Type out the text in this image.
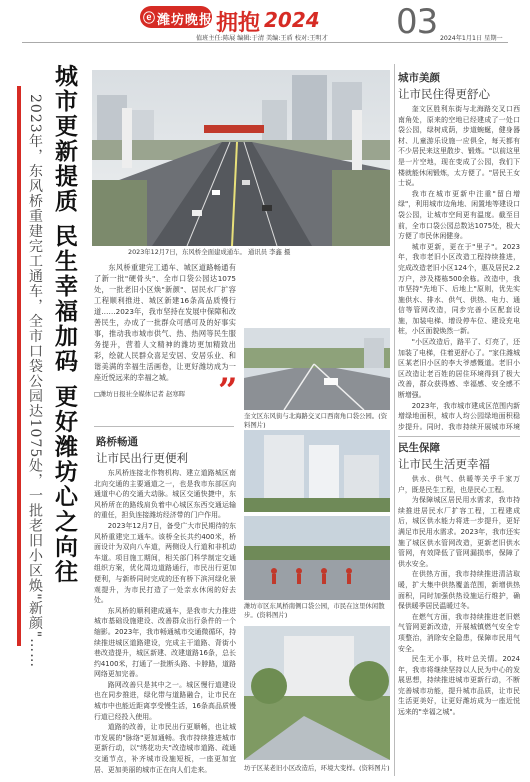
ⓔ 潍坊晚报 拥抱 2024 03
值班主任:陈展 编辑:于清 美编:王盾 校对:王明才	2024年1月1日 星期一
城市更新提质 民生幸福加码 更好潍坊心之向往
2023年，东风桥重建完工通车，全市口袋公园达1075处，一批老旧小区焕"新颜"……	2023年12月7日，东风桥全面建成通车。 通讯员 李鑫 摄

东风桥重建完工通车、城区道路畅通有了新一批"硬骨头"、全市口袋公园达1075处，一批老旧小区焕"新颜"、居民水厂扩容工程顺利推进、城区新建16条高品质慢行道……2023年，我市坚持在发展中保障和改善民生，办成了一批群众可感可及的好事实事，推动我市城市供气、热、热网等民生服务提升，营着人文精神的潍坊更加精致出彩，绘就人民群众喜足安居、安居乐业、和谐美满的幸福生活画卷，让更好潍坊成为一座近悦远来的幸福之城。

□潍坊日报社全媒体记者 赵寒晖 ”
奎文区东风街与北海路交叉口西南角口袋公园。(资料图片)
路桥畅通
让市民出行更便利

东风桥连接北作物机构、建立道路城区南北向交通的主要通道之一，也是我市东部区向通道中心的交通大动脉。城区交通快捷中，东风桥所在的路线肩负着中心城区东西交通运输的重任，担负连接潍坊经济带的门户作用。

2023年12月7日，备受广大市民期待的东风桥重建完工通车。该桥全长共约400米，桥面设计为双向八车道，两侧设人行道和非机动车道。项目施工期间，相关部门科学制定交通组织方案，优化周边道路通行，市民出行更加便利，与新桥同时完成的还有桥下滨河绿化景观提升，为市民打造了一处亲水休闲的好去处。

东风桥的顺利建成通车，是我市大力推进城市基础设施建设、改善群众出行条件的一个缩影。2023年，我市畅通城市交通微循环，持续推进城区道路建设，完成主干道路、背街小巷改造提升，城区新建、改建道路16条，总长约4100米，打通了一批断头路、卡脖路，道路网络更加完善。

路网改善只是其中之一。城区慢行道建设也在同步推进，绿化带与道路融合，让市民在城市中也能近距离享受慢生活，16条高品质慢行道已经投入使用。

道路的改善，让市民出行更顺畅，也让城市发展的"脉络"更加通畅。我市持续推进城市更新行动，以"绣花功夫"改造城市道路、疏通交通节点，补齐城市设施短板，一座更加宜居、更加美丽的城市正在向人们走来。

潍坊市区东风桥南侧口袋公园，市民在这里休闲散步。(资料图片)
坊子区某老旧小区改造后，环境大变样。(资料图片)
城市美颜
让市民住得更舒心

奎文区胜利东街与北海路交叉口西南角处，原来的空地已经建成了一处口袋公园，绿树成荫，步道蜿蜒，健身器材、儿童游乐设施一应俱全，每天都有不少居民来这里散步、锻炼。"以前这里是一片空地，现在变成了公园，我们下楼就能休闲锻炼，太方便了。"居民王女士说。

我市在城市更新中注重"留白增绿"，利用城市边角地、闲置地等建设口袋公园，让城市空间更有温度。截至目前，全市口袋公园总数达1075处，极大方便了市民休闲健身。

城市更新，更在于"里子"。2023年，我市老旧小区改造工程持续推进，完成改造老旧小区124个，惠及居民2.2万户，涉及楼栋500余栋。改造中，我市坚持"先地下、后地上"原则，优先实施供水、排水、供气、供热、电力、通信等管网改造，同步完善小区配套设施，加装电梯、增设停车位、建设充电桩，小区面貌焕然一新。

"小区改造后，路平了、灯亮了，还加装了电梯，住着更舒心了。"家住潍城区某老旧小区的李大爷感慨道。老旧小区改造让老百姓的居住环境得到了极大改善，群众获得感、幸福感、安全感不断增强。

2023年，我市城市建成区范围内新增绿地面积，城市人均公园绿地面积稳步提升。同时，我市持续开展城市环境

民生保障
让市民生活更幸福

供水、供气、供暖等关乎千家万户，既是民生工程，也是民心工程。

为保障城区居民用水需求，我市持续推进居民水厂扩容工程，工程建成后，城区供水能力将进一步提升，更好满足市民用水需求。2023年，我市还实施了城区供水管网改造，更新老旧供水管网，有效降低了管网漏损率，保障了供水安全。

在供热方面，我市持续推进清洁取暖，扩大集中供热覆盖范围，新增供热面积，同时加强供热设施运行维护，确保供暖季居民温暖过冬。

在燃气方面，我市持续推进老旧燃气管网更新改造，开展城镇燃气安全专项整治，消除安全隐患，保障市民用气安全。

民生无小事，枝叶总关情。2024年，我市将继续坚持以人民为中心的发展思想，持续推进城市更新行动，不断完善城市功能，提升城市品质，让市民生活更美好，让更好潍坊成为一座近悦远来的"幸福之城"。
